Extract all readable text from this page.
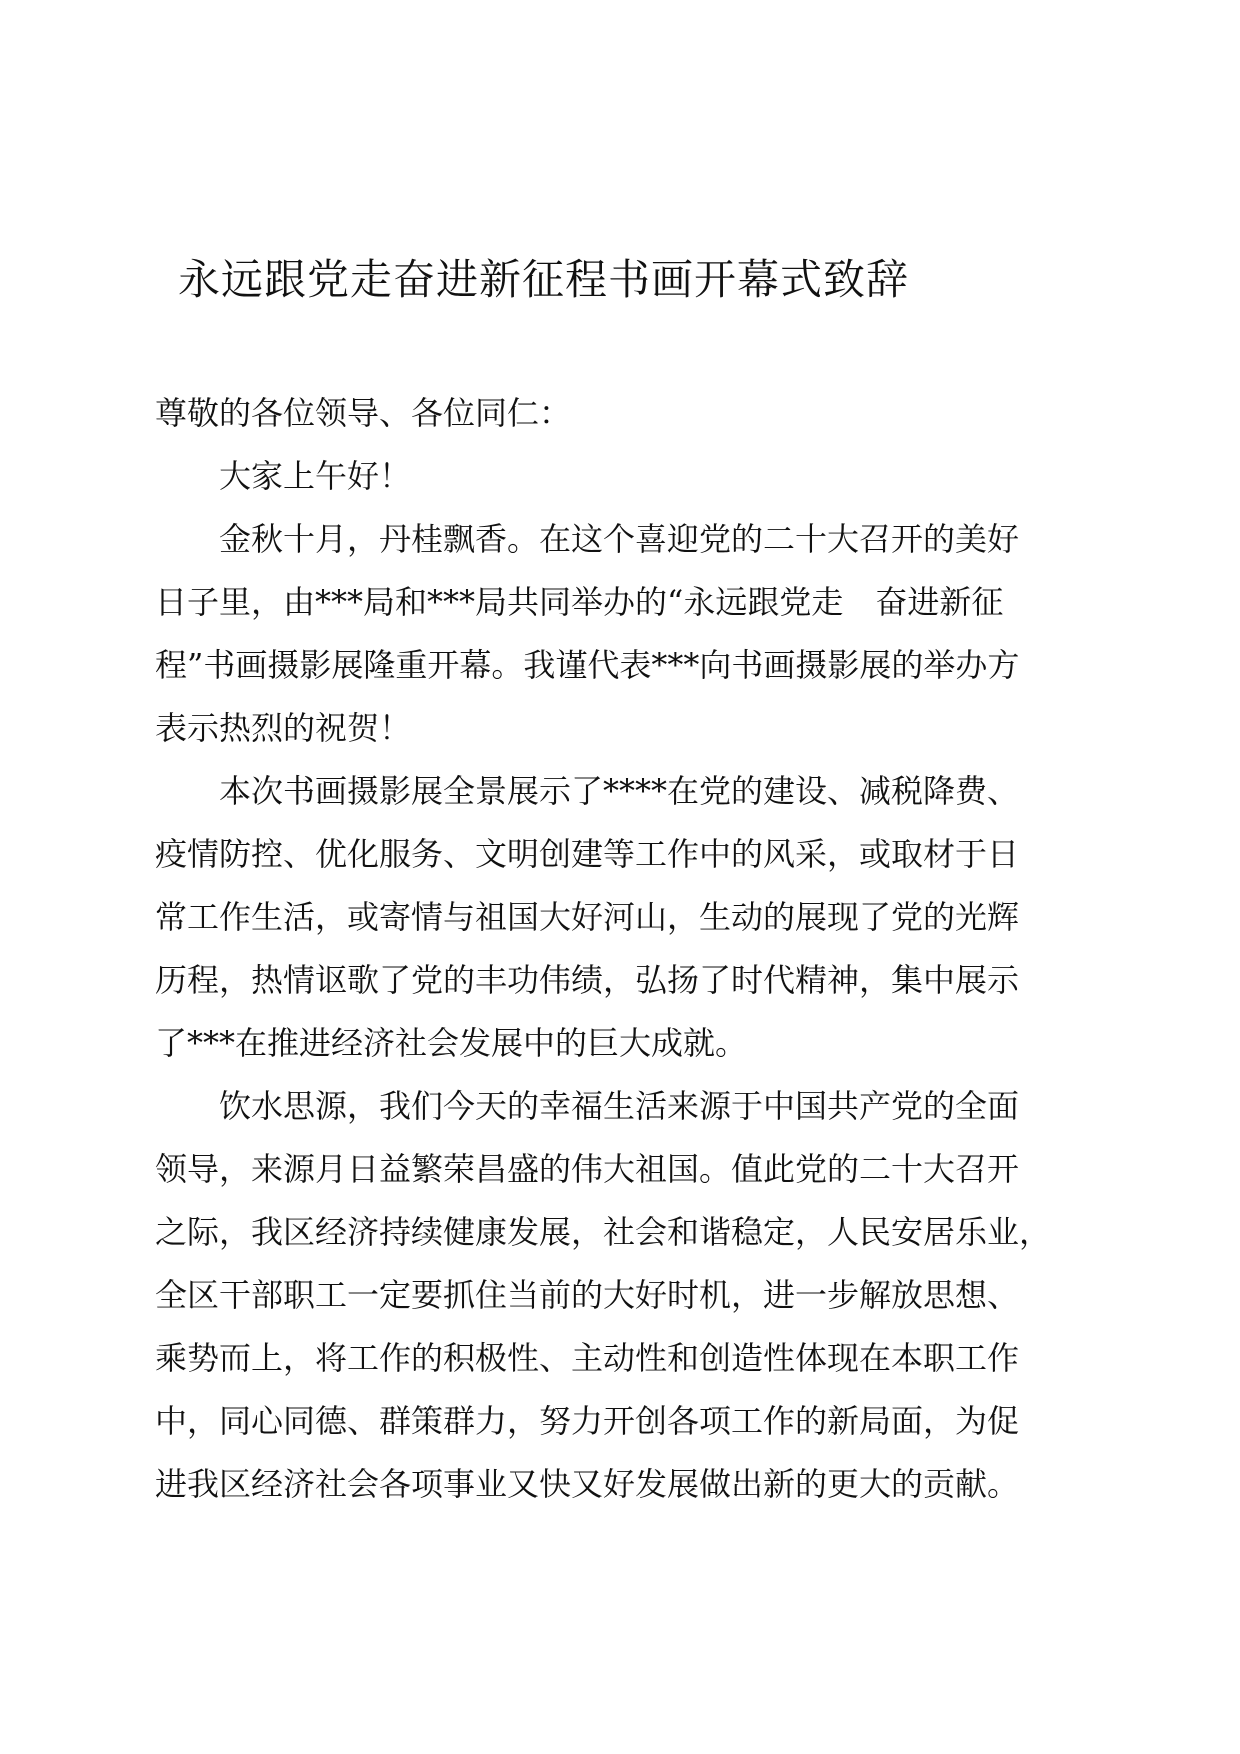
永远跟党走奋进新征程书画开幕式致辞

尊敬的各位领导、各位同仁：

大家上午好！

金秋十月，丹桂飘香。在这个喜迎党的二十大召开的美好

日子里，由***局和***局共同举办的“永远跟党走　奋进新征

程”书画摄影展隆重开幕。我谨代表***向书画摄影展的举办方

表示热烈的祝贺！

本次书画摄影展全景展示了****在党的建设、减税降费、

疫情防控、优化服务、文明创建等工作中的风采，或取材于日

常工作生活，或寄情与祖国大好河山，生动的展现了党的光辉

历程，热情讴歌了党的丰功伟绩，弘扬了时代精神，集中展示

了***在推进经济社会发展中的巨大成就。

饮水思源，我们今天的幸福生活来源于中国共产党的全面

领导，来源月日益繁荣昌盛的伟大祖国。值此党的二十大召开

之际，我区经济持续健康发展，社会和谐稳定，人民安居乐业，

全区干部职工一定要抓住当前的大好时机，进一步解放思想、

乘势而上，将工作的积极性、主动性和创造性体现在本职工作

中，同心同德、群策群力，努力开创各项工作的新局面，为促

进我区经济社会各项事业又快又好发展做出新的更大的贡献。
